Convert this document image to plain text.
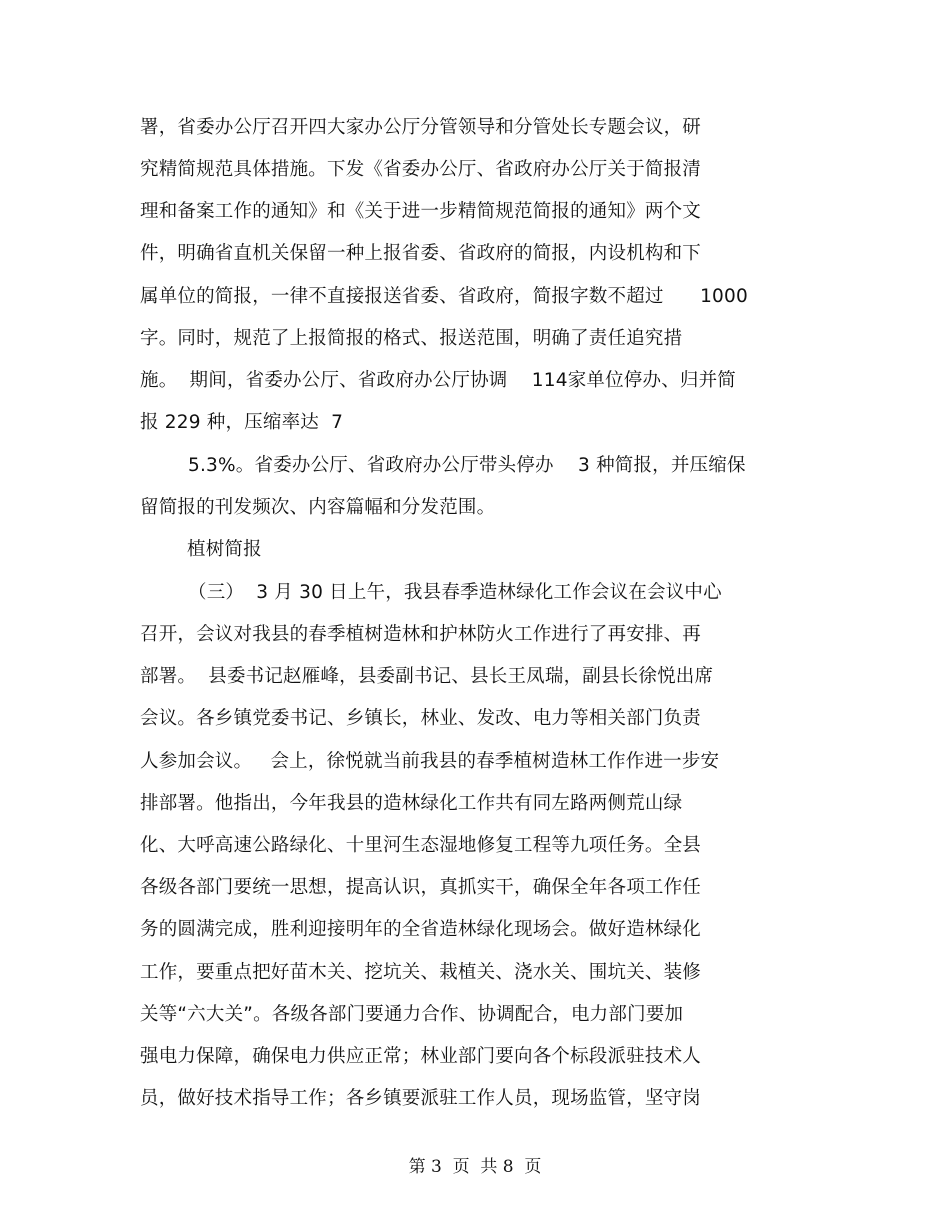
署，省委办公厅召开四大家办公厅分管领导和分管处长专题会议，研
究精简规范具体措施。下发《省委办公厅、省政府办公厅关于简报清
理和备案工作的通知》和《关于进一步精简规范简报的通知》两个文
件，明确省直机关保留一种上报省委、省政府的简报，内设机构和下
属单位的简报，一律不直接报送省委、省政府，简报字数不超过      1000
字。同时，规范了上报简报的格式、报送范围，明确了责任追究措
施。  期间，省委办公厅、省政府办公厅协调    114家单位停办、归并简
报 229 种，压缩率达  7
5.3%。省委办公厅、省政府办公厅带头停办    3 种简报，并压缩保
留简报的刊发频次、内容篇幅和分发范围。
植树简报
（三）  3 月 30 日上午，我县春季造林绿化工作会议在会议中心
召开，会议对我县的春季植树造林和护林防火工作进行了再安排、再
部署。  县委书记赵雁峰，县委副书记、县长王凤瑞，副县长徐悦出席
会议。各乡镇党委书记、乡镇长，林业、发改、电力等相关部门负责
人参加会议。   会上，徐悦就当前我县的春季植树造林工作作进一步安
排部署。他指出，今年我县的造林绿化工作共有同左路两侧荒山绿
化、大呼高速公路绿化、十里河生态湿地修复工程等九项任务。全县
各级各部门要统一思想，提高认识，真抓实干，确保全年各项工作任
务的圆满完成，胜利迎接明年的全省造林绿化现场会。做好造林绿化
工作，要重点把好苗木关、挖坑关、栽植关、浇水关、围坑关、装修
关等“六大关”。各级各部门要通力合作、协调配合，电力部门要加
强电力保障，确保电力供应正常；林业部门要向各个标段派驻技术人
员，做好技术指导工作；各乡镇要派驻工作人员，现场监管，坚守岗
第 3  页  共 8  页
